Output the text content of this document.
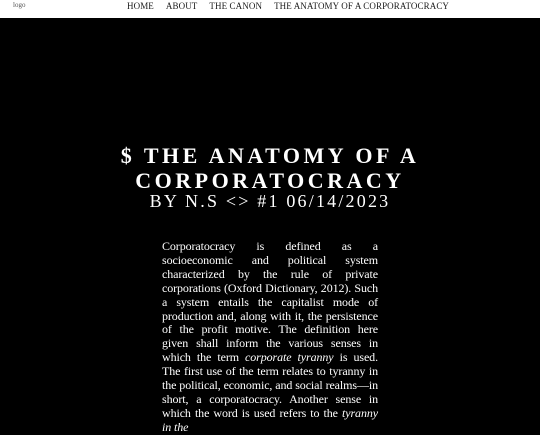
logo	HOME ABOUT THE CANON THE ANATOMY OF A CORPORATOCRACY
$ THE ANATOMY OF A CORPORATOCRACY
BY N.S <> #1 06/14/2023

Corporatocracy is defined as a socioeconomic and political system characterized by the rule of private corporations (Oxford Dictionary, 2012). Such a system entails the capitalist mode of production and, along with it, the persistence of the profit motive. The definition here given shall inform the various senses in which the term corporate tyranny is used. The first use of the term relates to tyranny in the political, economic, and social realms—in short, a corporatocracy. Another sense in which the word is used refers to the tyranny in the
